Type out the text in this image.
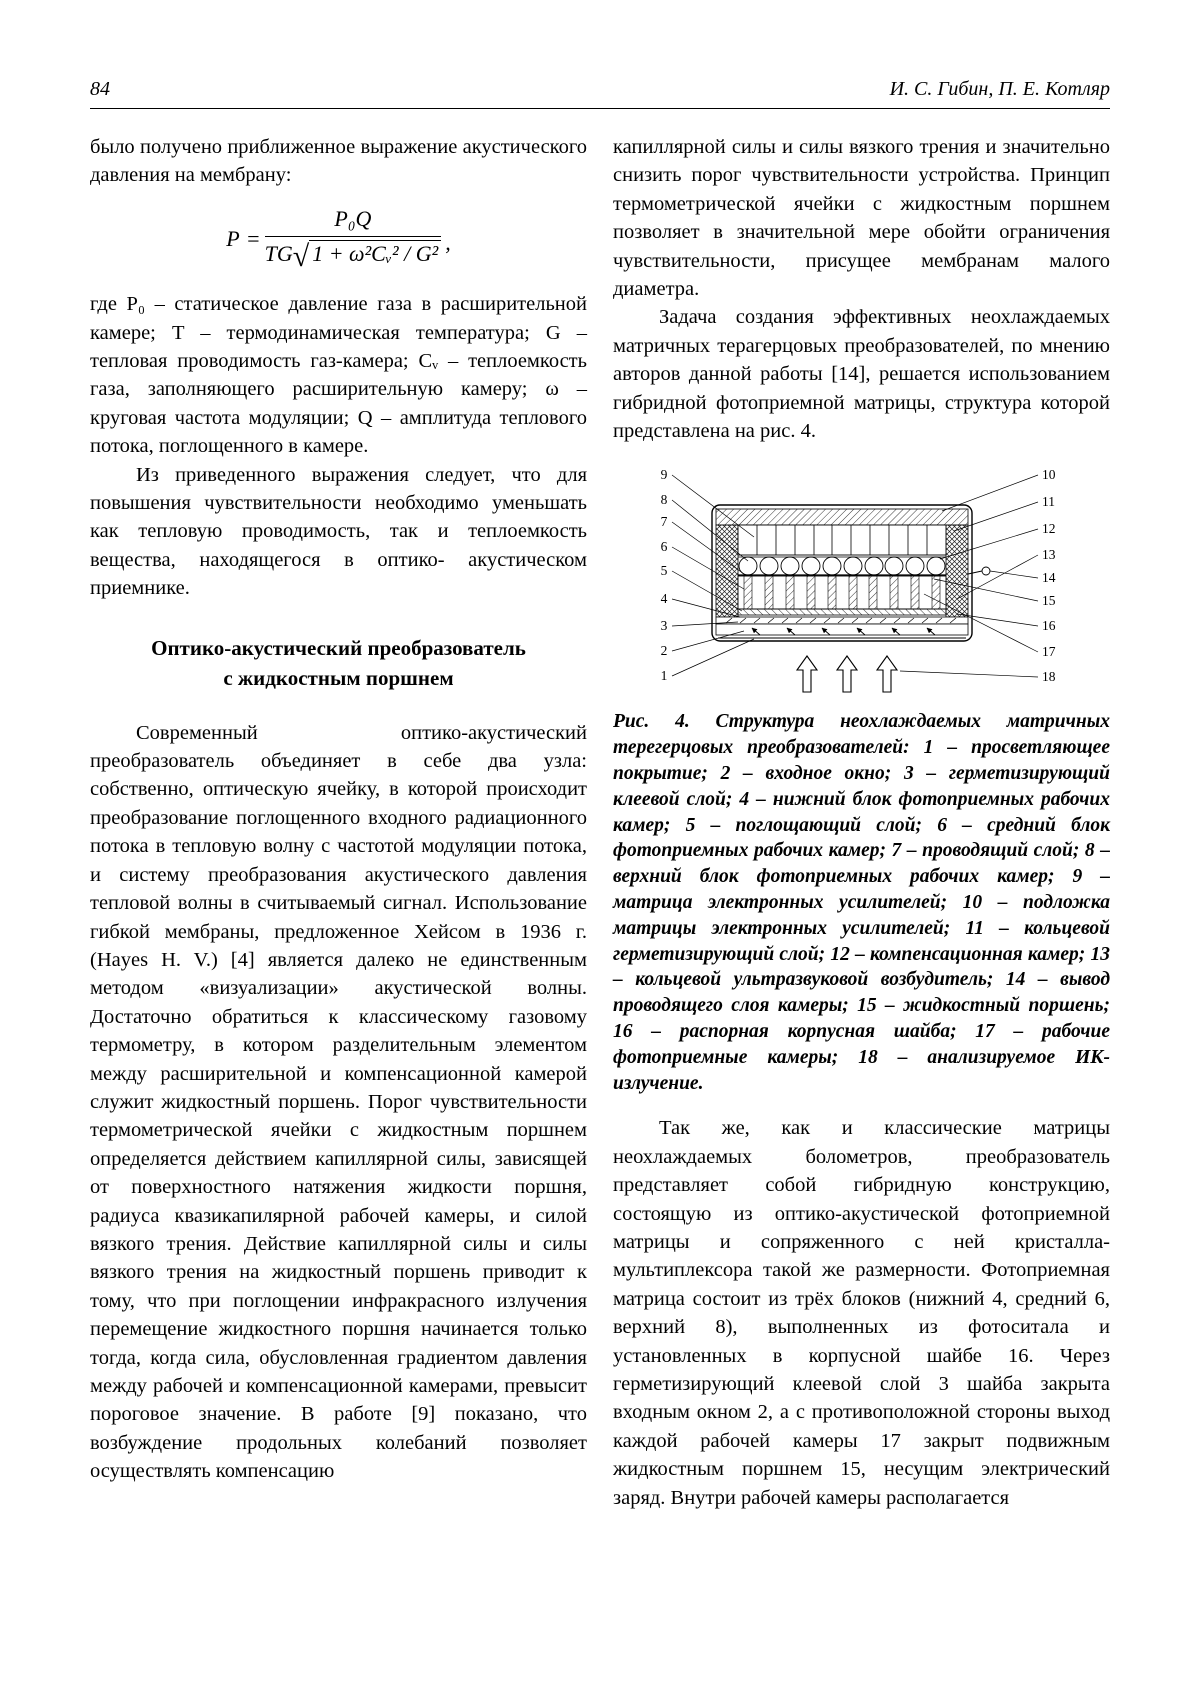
84	И. С. Гибин, П. Е. Котляр

было получено приближенное выражение акустического давления на мембрану:

$P = \frac{\text{P₀Q}}{\text{TG√ 1 + ω²Cᵥ² / G²}}$ ,

где P₀ – статическое давление газа в расширительной камере; T – термодинамическая температура; G – тепловая проводимость газ-камера; Cᵥ – теплоемкость газа, заполняющего расширительную камеру; ω – круговая частота модуляции; Q – амплитуда теплового потока, поглощенного в камере.

Из приведенного выражения следует, что для повышения чувствительности необходимо уменьшать как тепловую проводимость, так и теплоемкость вещества, находящегося в оптико- акустическом приемнике.

Оптико-акустический преобразователь
с жидкостным поршнем

Современный оптико-акустический преобразователь объединяет в себе два узла: собственно, оптическую ячейку, в которой происходит преобразование поглощенного входного радиационного потока в тепловую волну с частотой модуляции потока, и систему преобразования акустического давления тепловой волны в считываемый сигнал. Использование гибкой мембраны, предложенное Хейсом в 1936 г. (Hayes H. V.) [4] является далеко не единственным методом «визуализации» акустической волны. Достаточно обратиться к классическому газовому термометру, в котором разделительным элементом между расширительной и компенсационной камерой служит жидкостный поршень. Порог чувствительности термометрической ячейки с жидкостным поршнем определяется действием капиллярной силы, зависящей от поверхностного натяжения жидкости поршня, радиуса квазикапилярной рабочей камеры, и силой вязкого трения. Действие капиллярной силы и силы вязкого трения на жидкостный поршень приводит к тому, что при поглощении инфракрасного излучения перемещение жидкостного поршня начинается только тогда, когда сила, обусловленная градиентом давления между рабочей и компенсационной камерами, превысит пороговое значение. В работе [9] показано, что возбуждение продольных колебаний позволяет осуществлять компенсацию

капиллярной силы и силы вязкого трения и значительно снизить порог чувствительности устройства. Принцип термометрической ячейки с жидкостным поршнем позволяет в значительной мере обойти ограничения чувствительности, присущее мембранам малого диаметра.

Задача создания эффективных неохлаждаемых матричных терагерцовых преобразователей, по мнению авторов данной работы [14], решается использованием гибридной фотоприемной матрицы, структура которой представлена на рис. 4.

9
8
7
6
5
4
3
2
1
10
11
12
13
14
15
16
17
18

Рис. 4. Структура неохлаждаемых матричных терегерцовых преобразователей: 1 – просветляющее покрытие; 2 – входное окно; 3 – герметизирующий клеевой слой; 4 – нижний блок фотоприемных рабочих камер; 5 – поглощающий слой; 6 – средний блок фотоприемных рабочих камер; 7 – проводящий слой; 8 – верхний блок фотоприемных рабочих камер; 9 – матрица электронных усилителей; 10 – подложка матрицы электронных усилителей; 11 – кольцевой герметизирующий слой; 12 – компенсационная камер; 13 – кольцевой ультразвуковой возбудитель; 14 – вывод проводящего слоя камеры; 15 – жидкостный поршень; 16 – распорная корпусная шайба; 17 – рабочие фотоприемные камеры; 18 – анализируемое ИК-излучение.

Так же, как и классические матрицы неохлаждаемых болометров, преобразователь представляет собой гибридную конструкцию, состоящую из оптико-акустической фотоприемной матрицы и сопряженного с ней кристалла-мультиплексора такой же размерности. Фотоприемная матрица состоит из трёх блоков (нижний 4, средний 6, верхний 8), выполненных из фотоситала и установленных в корпусной шайбе 16. Через герметизирующий клеевой слой 3 шайба закрыта входным окном 2, а с противоположной стороны выход каждой рабочей камеры 17 закрыт подвижным жидкостным поршнем 15, несущим электрический заряд. Внутри рабочей камеры располагается
